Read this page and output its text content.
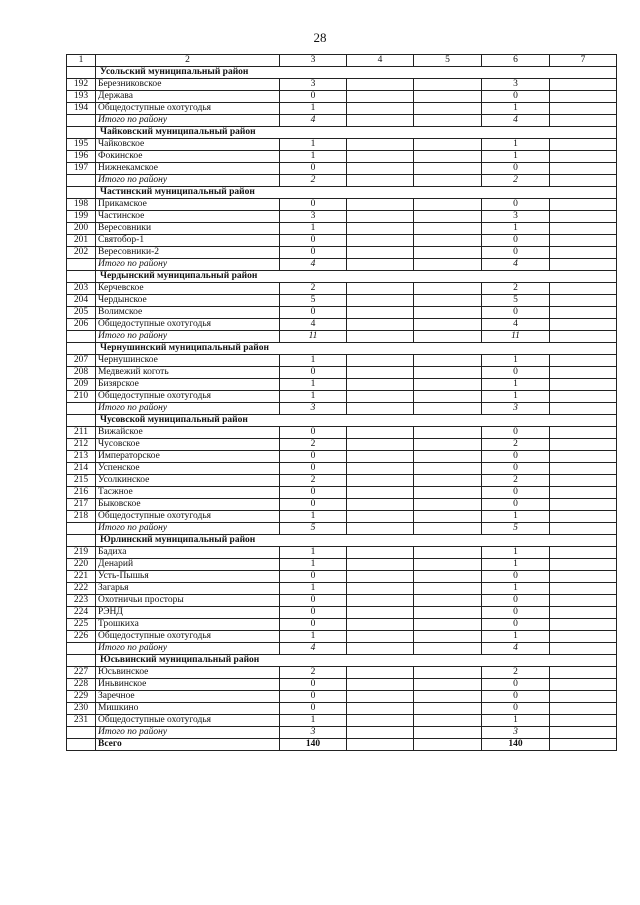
28
1	2	3	4	5	6	7
	Усольский муниципальный район					
192	Березниковское	3			3	
193	Держава	0			0	
194	Общедоступные охотугодья	1			1	
	Итого по району	4			4	
	Чайковский муниципальный район					
195	Чайковское	1			1	
196	Фокинское	1			1	
197	Нижнекамское	0			0	
	Итого по району	2			2	
	Частинский муниципальный район					
198	Прикамское	0			0	
199	Частинское	3			3	
200	Вересовники	1			1	
201	Святобор-1	0			0	
202	Вересовники-2	0			0	
	Итого по району	4			4	
	Чердынский муниципальный район					
203	Керчевское	2			2	
204	Чердынское	5			5	
205	Волимское	0			0	
206	Общедоступные охотугодья	4			4	
	Итого по району	11			11	
	Чернушинский муниципальный район					
207	Чернушинское	1			1	
208	Медвежий коготь	0			0	
209	Бизярское	1			1	
210	Общедоступные охотугодья	1			1	
	Итого по району	3			3	
	Чусовской муниципальный район					
211	Вижайское	0			0	
212	Чусовское	2			2	
213	Императорское	0			0	
214	Успенское	0			0	
215	Усолкинское	2			2	
216	Тасжное	0			0	
217	Быковское	0			0	
218	Общедоступные охотугодья	1			1	
	Итого по району	5			5	
	Юрлинский муниципальный район					
219	Бадиха	1			1	
220	Денарий	1			1	
221	Усть-Пышья	0			0	
222	Загарья	1			1	
223	Охотничьи просторы	0			0	
224	РЭНД	0			0	
225	Трошкиха	0			0	
226	Общедоступные охотугодья	1			1	
	Итого по району	4			4	
	Юсьвинский муниципальный район					
227	Юсьвинское	2			2	
228	Иньвинское	0			0	
229	Заречное	0			0	
230	Мишкино	0			0	
231	Общедоступные охотугодья	1			1	
	Итого по району	3			3	
	Всего	140			140	
